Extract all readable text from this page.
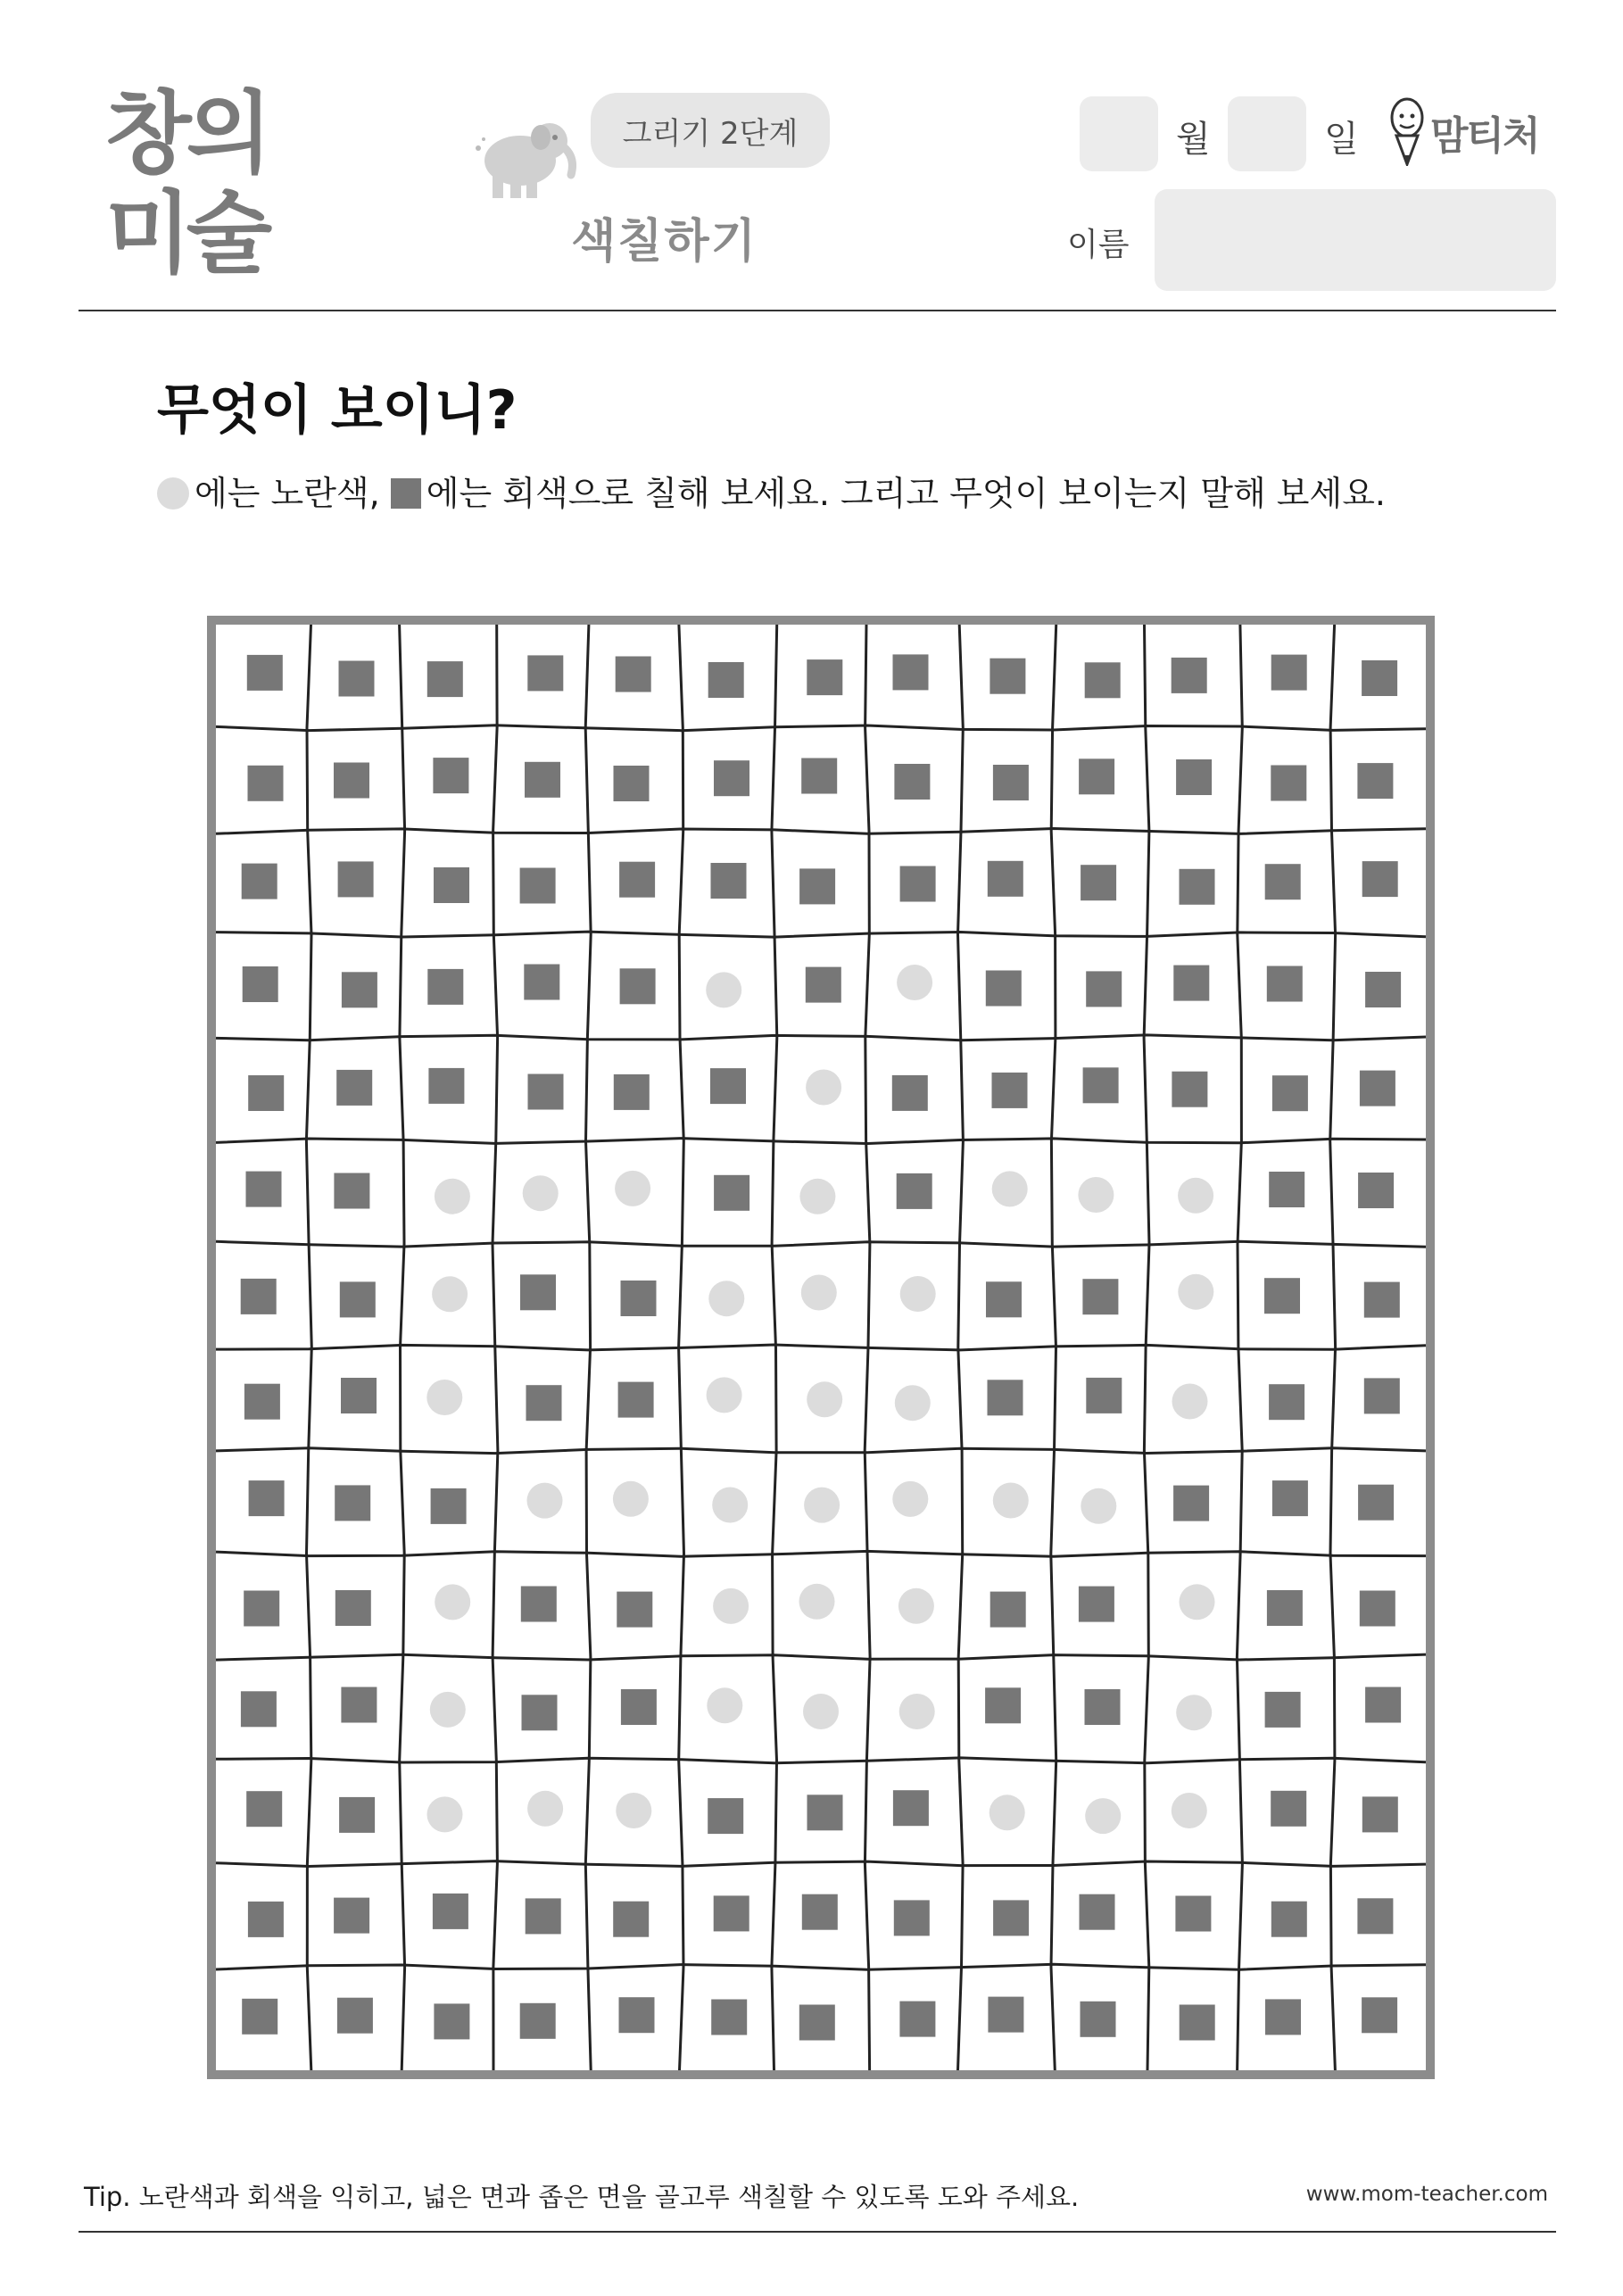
창의
미술
그리기 2단계
색칠하기
월	일 맘티처
이름
무엇이 보이니?
에는 노란색, 에는 회색으로 칠해 보세요. 그리고 무엇이 보이는지 말해 보세요.
Tip. 노란색과 회색을 익히고, 넓은 면과 좁은 면을 골고루 색칠할 수 있도록 도와 주세요.	www.mom-teacher.com
